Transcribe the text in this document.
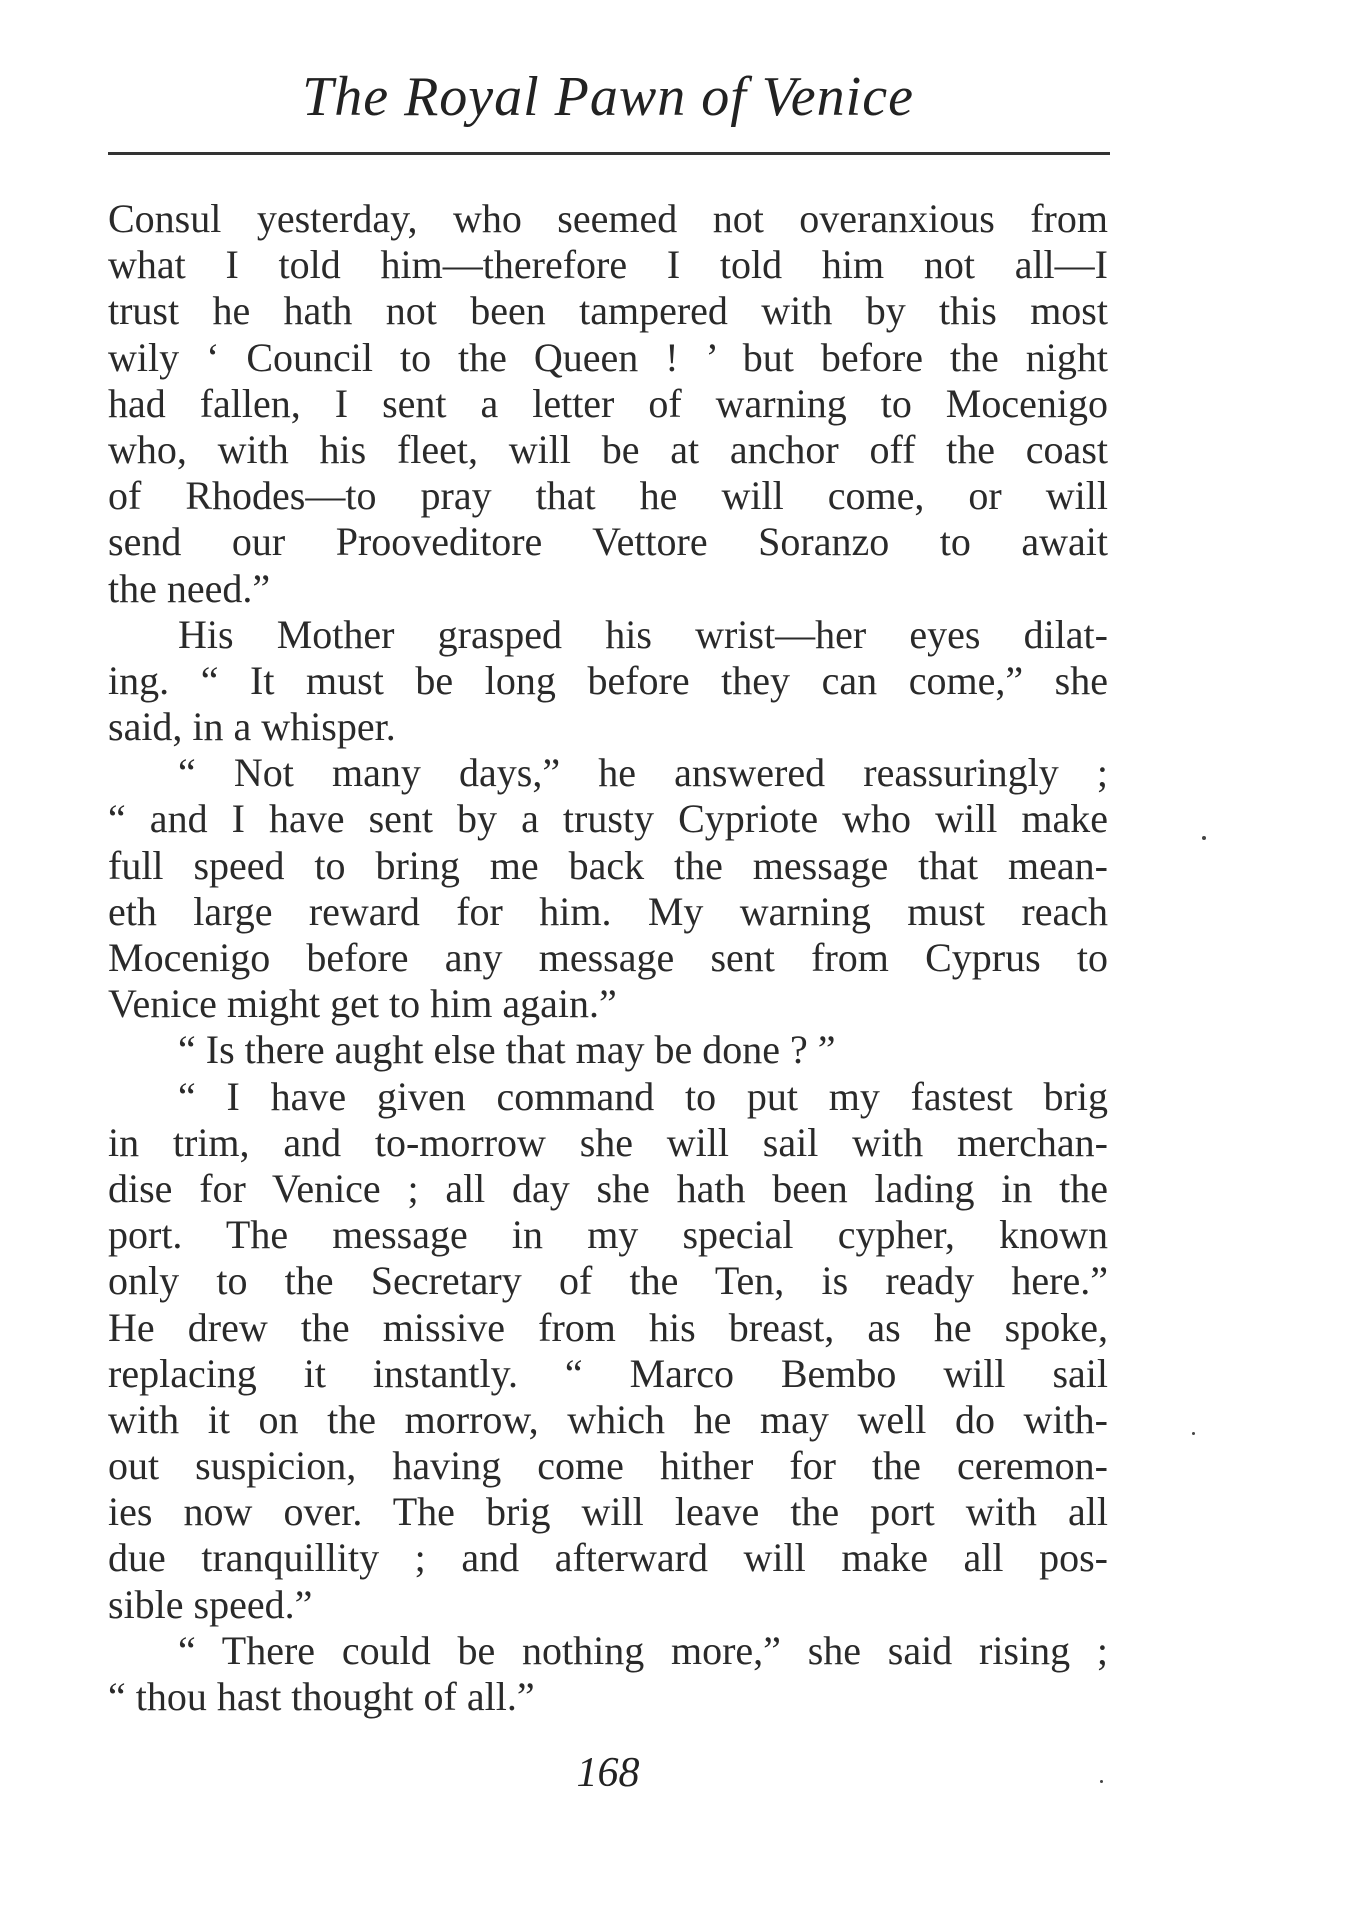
The Royal Pawn of Venice
Consul yesterday, who seemed not overanxious from
what I told him—therefore I told him not all—I
trust he hath not been tampered with by this most
wily ‘ Council to the Queen ! ’ but before the night
had fallen, I sent a letter of warning to Mocenigo
who, with his fleet, will be at anchor off the coast
of Rhodes—to pray that he will come, or will
send our Prooveditore Vettore Soranzo to await
the need.”
His Mother grasped his wrist—her eyes dilat-
ing. “ It must be long before they can come,” she
said, in a whisper.
“ Not many days,” he answered reassuringly ;
“ and I have sent by a trusty Cypriote who will make
full speed to bring me back the message that mean-
eth large reward for him. My warning must reach
Mocenigo before any message sent from Cyprus to
Venice might get to him again.”
“ Is there aught else that may be done ? ”
“ I have given command to put my fastest brig
in trim, and to-morrow she will sail with merchan-
dise for Venice ; all day she hath been lading in the
port. The message in my special cypher, known
only to the Secretary of the Ten, is ready here.”
He drew the missive from his breast, as he spoke,
replacing it instantly. “ Marco Bembo will sail
with it on the morrow, which he may well do with-
out suspicion, having come hither for the ceremon-
ies now over. The brig will leave the port with all
due tranquillity ; and afterward will make all pos-
sible speed.”
“ There could be nothing more,” she said rising ;
“ thou hast thought of all.”
168
